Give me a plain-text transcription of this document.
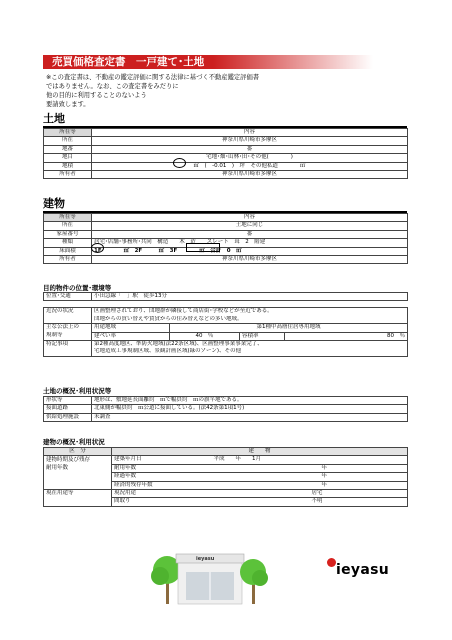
売買価格査定書　一戸建て･土地
※この査定書は、不動産の鑑定評価に関する法律に基づく不動産鑑定評価書
ではありません。なお、この査定書をみだりに
他の目的に利用することのないよう
要請致します。
土地
所在等	内容
所在	神奈川県川崎市多摩区
地番	番
地目	宅地･畑･山林･田･その他(　　　　)
地積	㎡　(　-0.01　)　坪　その他私道　　　　㎡
所有者	神奈川県川崎市多摩区
建物
所在等	内容
所在	土地に同じ
家屋番号	番
種類	居宅･店舗･事務所･共同　構造　　木　造　　スレート　葺　2　階建
床面積	1F　　　　㎡　2F　　　㎡　3F　　　　㎡　合計　0　㎡
所有者	神奈川県川崎市多摩区
目的物件の位置･環境等
位置･交通	小田急線「　」駅　徒歩13分			

近況の状況	区画整理されており、団地群が隣接して商店街･学校などが至近である。			
	団地からの買い替えや賃貸からの住み替えなどの多い地域。			
主な公法上の	用途地域	第1種中高層住居専用地域		
規制等	建ぺい率	40　％	容積率	80　％
特記事項	第2種高度地区、準防火地域(法22条区域)、区画整理事業事業完了、			
	宅地造成工事規制区域、景観計画区域(緑のゾーン)、その他			
土地の概況･利用状況等
形状等	地形は、敷地延長面離約　ｍで幅員約　ｍの旗竿地である。
接面道路	北東側が幅員約　ｍ公道に接面している。(法42条第1項1号)
供給処理施設	未調査
建物の概況･利用状況
区　分	建　　物	
建物時期及び残存	建築年月日	平成　　年　　1月
耐用年数	耐用年数	年
	経過年数	年
	経済的残存年数	年
現在用途等	現況用途	居宅
	間取り	不明
ieyasu
ieyasu
